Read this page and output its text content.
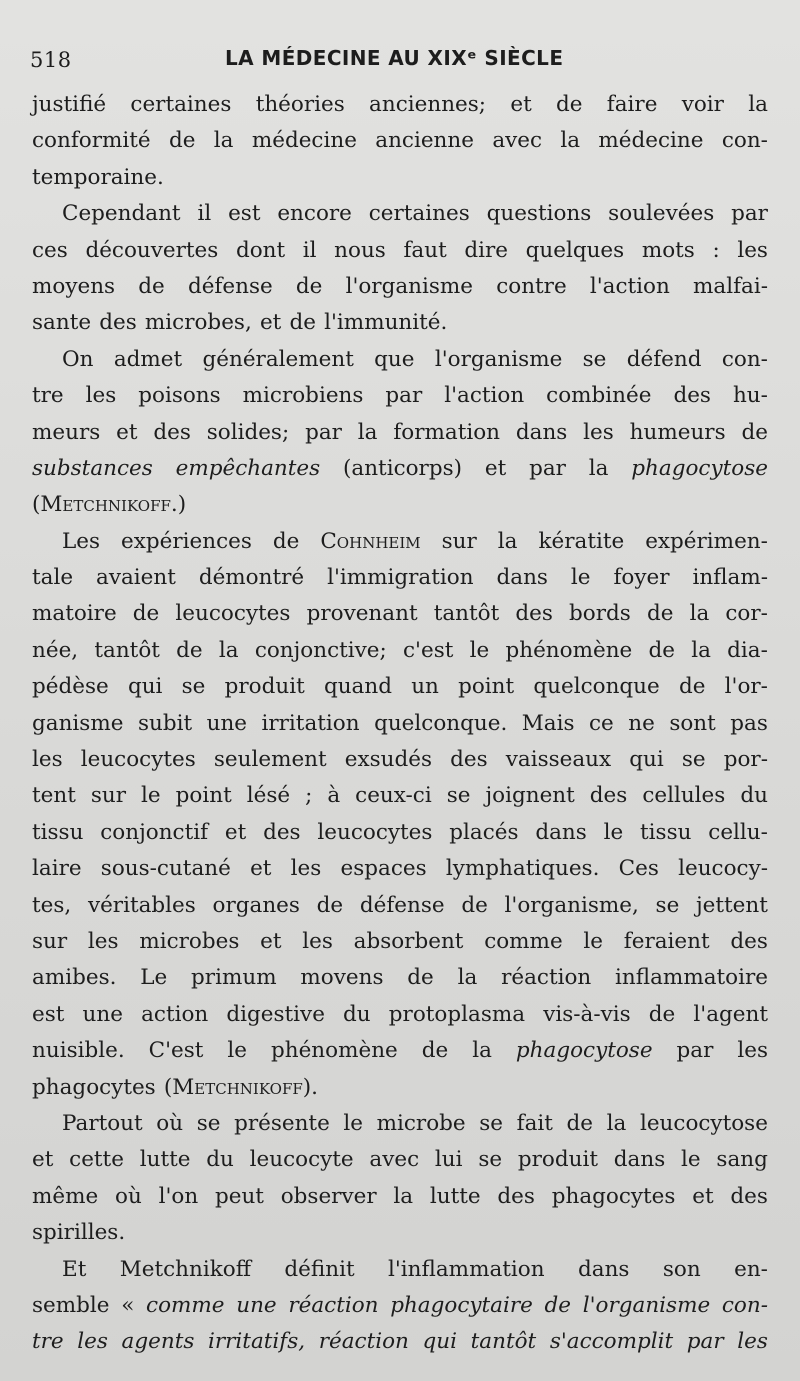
518	LA MÉDECINE AU XIXᵉ SIÈCLE
justifié certaines théories anciennes; et de faire voir la
conformité de la médecine ancienne avec la médecine con-
temporaine.
Cependant il est encore certaines questions soulevées par
ces découvertes dont il nous faut dire quelques mots : les
moyens de défense de l'organisme contre l'action malfai-
sante des microbes, et de l'immunité.
On admet généralement que l'organisme se défend con-
tre les poisons microbiens par l'action combinée des hu-
meurs et des solides; par la formation dans les humeurs de
substances empêchantes (anticorps) et par la phagocytose
(Metchnikoff.)
Les expériences de Cohnheim sur la kératite expérimen-
tale avaient démontré l'immigration dans le foyer inflam-
matoire de leucocytes provenant tantôt des bords de la cor-
née, tantôt de la conjonctive; c'est le phénomène de la dia-
pédèse qui se produit quand un point quelconque de l'or-
ganisme subit une irritation quelconque. Mais ce ne sont pas
les leucocytes seulement exsudés des vaisseaux qui se por-
tent sur le point lésé ; à ceux-ci se joignent des cellules du
tissu conjonctif et des leucocytes placés dans le tissu cellu-
laire sous-cutané et les espaces lymphatiques. Ces leucocy-
tes, véritables organes de défense de l'organisme, se jettent
sur les microbes et les absorbent comme le feraient des
amibes. Le primum movens de la réaction inflammatoire
est une action digestive du protoplasma vis-à-vis de l'agent
nuisible. C'est le phénomène de la phagocytose par les
phagocytes (Metchnikoff).
Partout où se présente le microbe se fait de la leucocytose
et cette lutte du leucocyte avec lui se produit dans le sang
même où l'on peut observer la lutte des phagocytes et des
spirilles.
Et Metchnikoff définit l'inflammation dans son en-
semble « comme une réaction phagocytaire de l'organisme con-
tre les agents irritatifs, réaction qui tantôt s'accomplit par les
